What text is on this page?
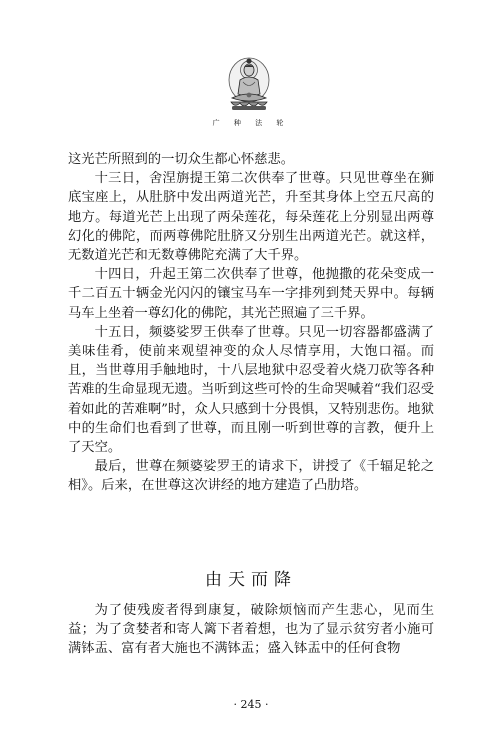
广 种 法 轮

这光芒所照到的一切众生都心怀慈悲。

十三日，舍涅旃提王第二次供奉了世尊。只见世尊坐在狮底宝座上，从肚脐中发出两道光芒，升至其身体上空五尺高的地方。每道光芒上出现了两朵莲花，每朵莲花上分别显出两尊幻化的佛陀，而两尊佛陀肚脐又分别生出两道光芒。就这样，无数道光芒和无数尊佛陀充满了大千界。

十四日，升起王第二次供奉了世尊，他抛撒的花朵变成一千二百五十辆金光闪闪的镶宝马车一字排列到梵天界中。每辆马车上坐着一尊幻化的佛陀，其光芒照遍了三千界。

十五日，频婆娑罗王供奉了世尊。只见一切容器都盛满了美味佳肴，使前来观望神变的众人尽情享用，大饱口福。而且，当世尊用手触地时，十八层地狱中忍受着火烧刀砍等各种苦难的生命显现无遗。当听到这些可怜的生命哭喊着“我们忍受着如此的苦难啊”时，众人只感到十分畏惧，又特别悲伤。地狱中的生命们也看到了世尊，而且刚一听到世尊的言教，便升上了天空。

最后，世尊在频婆娑罗王的请求下，讲授了《千辐足轮之相》。后来，在世尊这次讲经的地方建造了凸肋塔。

由天而降

为了使残废者得到康复，破除烦恼而产生悲心，见而生益；为了贪婪者和寄人篱下者着想，也为了显示贫穷者小施可满钵盂、富有者大施也不满钵盂；盛入钵盂中的任何食物

· 245 ·
